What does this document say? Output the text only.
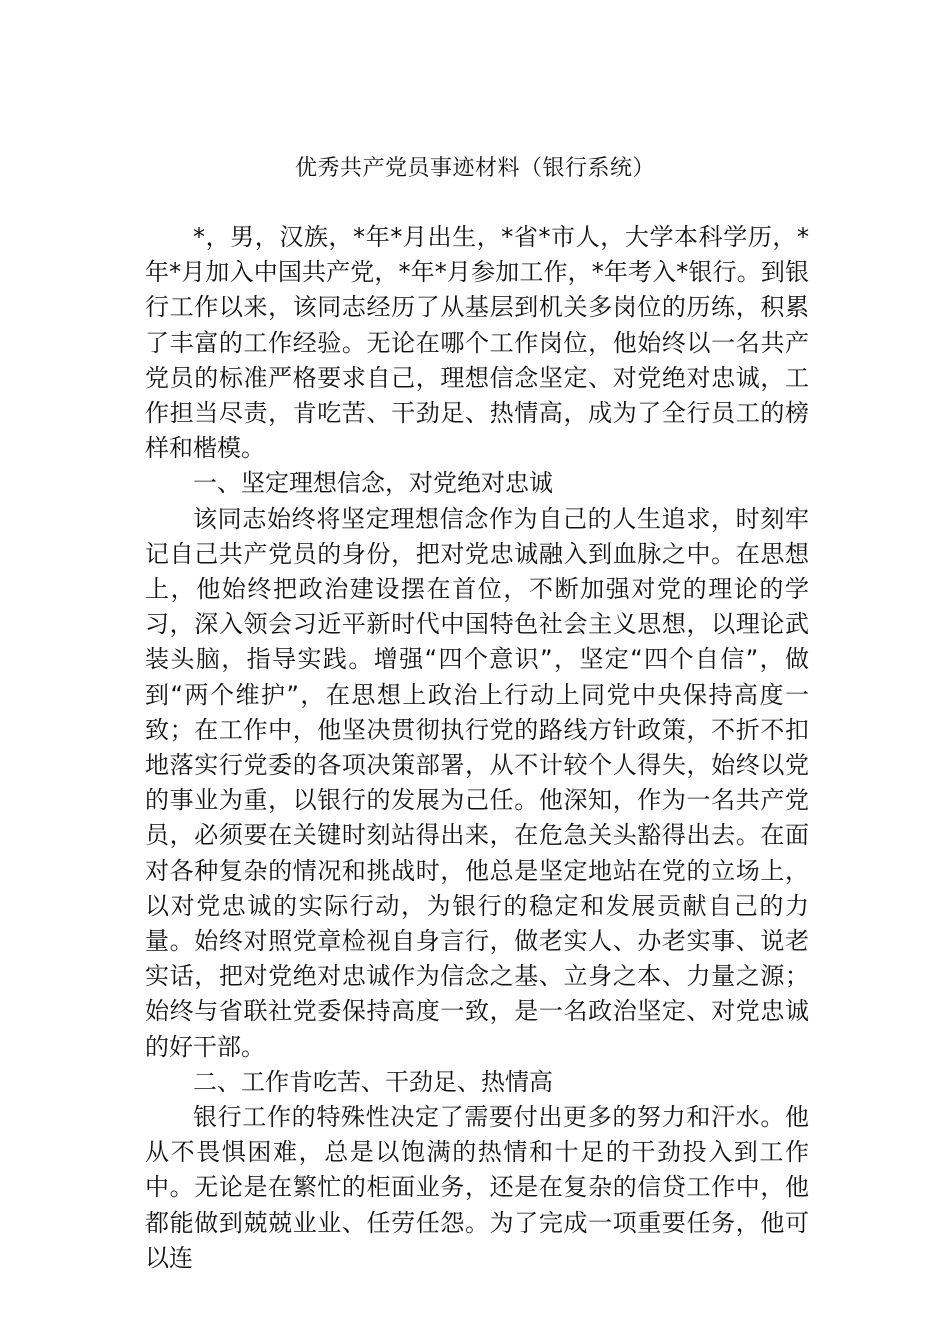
优秀共产党员事迹材料（银行系统）

*，男，汉族，*年*月出生，*省*市人，大学本科学历，*年*月加入中国共产党，*年*月参加工作，*年考入*银行。到银行工作以来，该同志经历了从基层到机关多岗位的历练，积累了丰富的工作经验。无论在哪个工作岗位，他始终以一名共产党员的标准严格要求自己，理想信念坚定、对党绝对忠诚，工作担当尽责，肯吃苦、干劲足、热情高，成为了全行员工的榜样和楷模。

一、坚定理想信念，对党绝对忠诚

该同志始终将坚定理想信念作为自己的人生追求，时刻牢记自己共产党员的身份，把对党忠诚融入到血脉之中。在思想上，他始终把政治建设摆在首位，不断加强对党的理论的学习，深入领会习近平新时代中国特色社会主义思想，以理论武装头脑，指导实践。增强“四个意识”，坚定“四个自信”，做到“两个维护”，在思想上政治上行动上同党中央保持高度一致；在工作中，他坚决贯彻执行党的路线方针政策，不折不扣地落实行党委的各项决策部署，从不计较个人得失，始终以党的事业为重，以银行的发展为己任。他深知，作为一名共产党员，必须要在关键时刻站得出来，在危急关头豁得出去。在面对各种复杂的情况和挑战时，他总是坚定地站在党的立场上，以对党忠诚的实际行动，为银行的稳定和发展贡献自己的力量。始终对照党章检视自身言行，做老实人、办老实事、说老实话，把对党绝对忠诚作为信念之基、立身之本、力量之源；始终与省联社党委保持高度一致，是一名政治坚定、对党忠诚的好干部。

二、工作肯吃苦、干劲足、热情高

银行工作的特殊性决定了需要付出更多的努力和汗水。他从不畏惧困难，总是以饱满的热情和十足的干劲投入到工作中。无论是在繁忙的柜面业务，还是在复杂的信贷工作中，他都能做到兢兢业业、任劳任怨。为了完成一项重要任务，他可以连
